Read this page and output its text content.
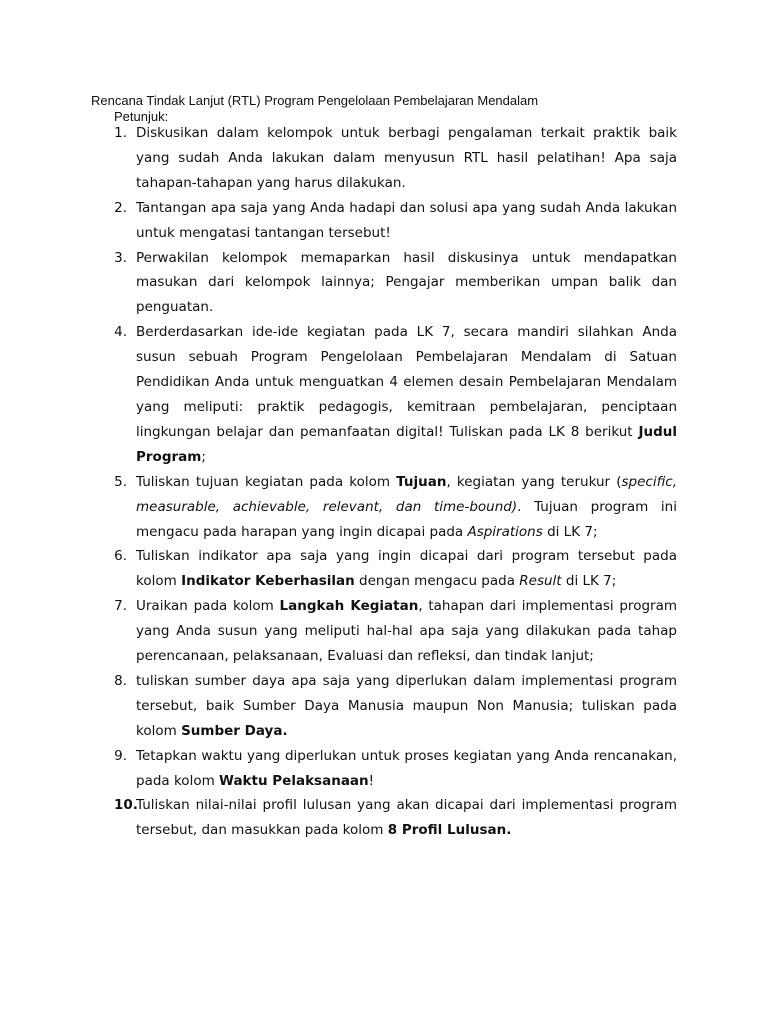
Rencana Tindak Lanjut (RTL) Program Pengelolaan Pembelajaran Mendalam
Petunjuk:
1. Diskusikan dalam kelompok untuk berbagi pengalaman terkait praktik baik yang sudah Anda lakukan dalam menyusun RTL hasil pelatihan! Apa saja tahapan-tahapan yang harus dilakukan.
2. Tantangan apa saja yang Anda hadapi dan solusi apa yang sudah Anda lakukan untuk mengatasi tantangan tersebut!
3. Perwakilan kelompok memaparkan hasil diskusinya untuk mendapatkan masukan dari kelompok lainnya; Pengajar memberikan umpan balik dan penguatan.
4. Berderdasarkan ide-ide kegiatan pada LK 7, secara mandiri silahkan Anda susun sebuah Program Pengelolaan Pembelajaran Mendalam di Satuan Pendidikan Anda untuk menguatkan 4 elemen desain Pembelajaran Mendalam yang meliputi: praktik pedagogis, kemitraan pembelajaran, penciptaan lingkungan belajar dan pemanfaatan digital! Tuliskan pada LK 8 berikut Judul Program;
5. Tuliskan tujuan kegiatan pada kolom Tujuan, kegiatan yang terukur (specific, measurable, achievable, relevant, dan time-bound). Tujuan program ini mengacu pada harapan yang ingin dicapai pada Aspirations di LK 7;
6. Tuliskan indikator apa saja yang ingin dicapai dari program tersebut pada kolom Indikator Keberhasilan dengan mengacu pada Result di LK 7;
7. Uraikan pada kolom Langkah Kegiatan, tahapan dari implementasi program yang Anda susun yang meliputi hal-hal apa saja yang dilakukan pada tahap perencanaan, pelaksanaan, Evaluasi dan refleksi, dan tindak lanjut;
8. tuliskan sumber daya apa saja yang diperlukan dalam implementasi program tersebut, baik Sumber Daya Manusia maupun Non Manusia; tuliskan pada kolom Sumber Daya.
9. Tetapkan waktu yang diperlukan untuk proses kegiatan yang Anda rencanakan, pada kolom Waktu Pelaksanaan!
10.
Tuliskan nilai-nilai profil lulusan yang akan dicapai dari implementasi program tersebut, dan masukkan pada kolom 8 Profil Lulusan.
